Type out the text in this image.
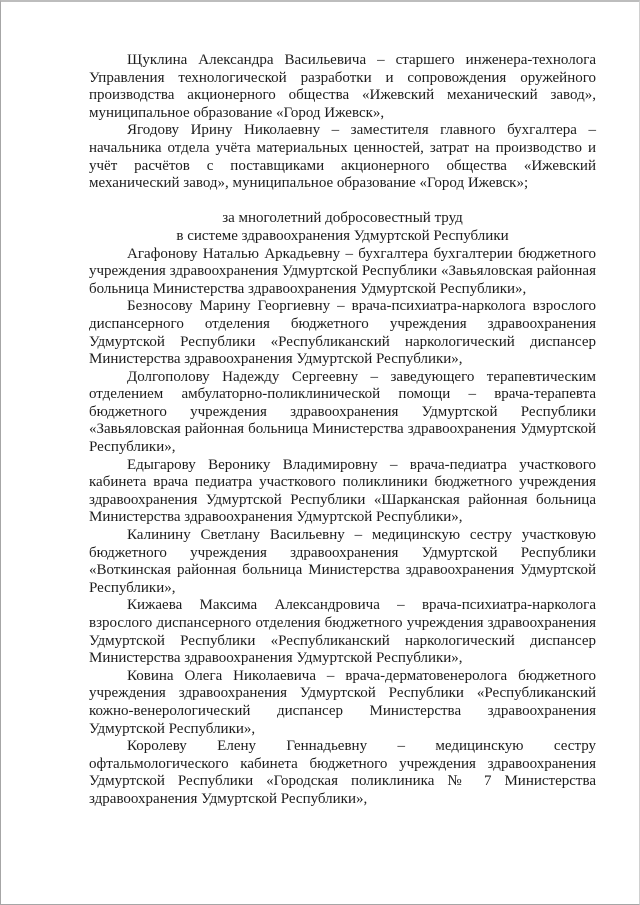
Щуклина Александра Васильевича – старшего инженера-технолога Управления технологической разработки и сопровождения оружейного производства акционерного общества «Ижевский механический завод», муниципальное образование «Город Ижевск»,

Ягодову Ирину Николаевну – заместителя главного бухгалтера – начальника отдела учёта материальных ценностей, затрат на производство и учёт расчётов с поставщиками акционерного общества «Ижевский механический завод», муниципальное образование «Город Ижевск»;

за многолетний добросовестный труд
в системе здравоохранения Удмуртской Республики

Агафонову Наталью Аркадьевну – бухгалтера бухгалтерии бюджетного учреждения здравоохранения Удмуртской Республики «Завьяловская районная больница Министерства здравоохранения Удмуртской Республики»,

Безносову Марину Георгиевну – врача-психиатра-нарколога взрослого диспансерного отделения бюджетного учреждения здравоохранения Удмуртской Республики «Республиканский наркологический диспансер Министерства здравоохранения Удмуртской Республики»,

Долгополову Надежду Сергеевну – заведующего терапевтическим отделением амбулаторно-поликлинической помощи – врача-терапевта бюджетного учреждения здравоохранения Удмуртской Республики «Завьяловская районная больница Министерства здравоохранения Удмуртской Республики»,

Едыгарову Веронику Владимировну – врача-педиатра участкового кабинета врача педиатра участкового поликлиники бюджетного учреждения здравоохранения Удмуртской Республики «Шарканская районная больница Министерства здравоохранения Удмуртской Республики»,

Калинину Светлану Васильевну – медицинскую сестру участковую бюджетного учреждения здравоохранения Удмуртской Республики «Воткинская районная больница Министерства здравоохранения Удмуртской Республики»,

Кижаева Максима Александровича – врача-психиатра-нарколога взрослого диспансерного отделения бюджетного учреждения здравоохранения Удмуртской Республики «Республиканский наркологический диспансер Министерства здравоохранения Удмуртской Республики»,

Ковина Олега Николаевича – врача-дерматовенеролога бюджетного учреждения здравоохранения Удмуртской Республики «Республиканский кожно-венерологический диспансер Министерства здравоохранения Удмуртской Республики»,

Королеву Елену Геннадьевну – медицинскую сестру офтальмологического кабинета бюджетного учреждения здравоохранения Удмуртской Республики «Городская поликлиника № 7 Министерства здравоохранения Удмуртской Республики»,
